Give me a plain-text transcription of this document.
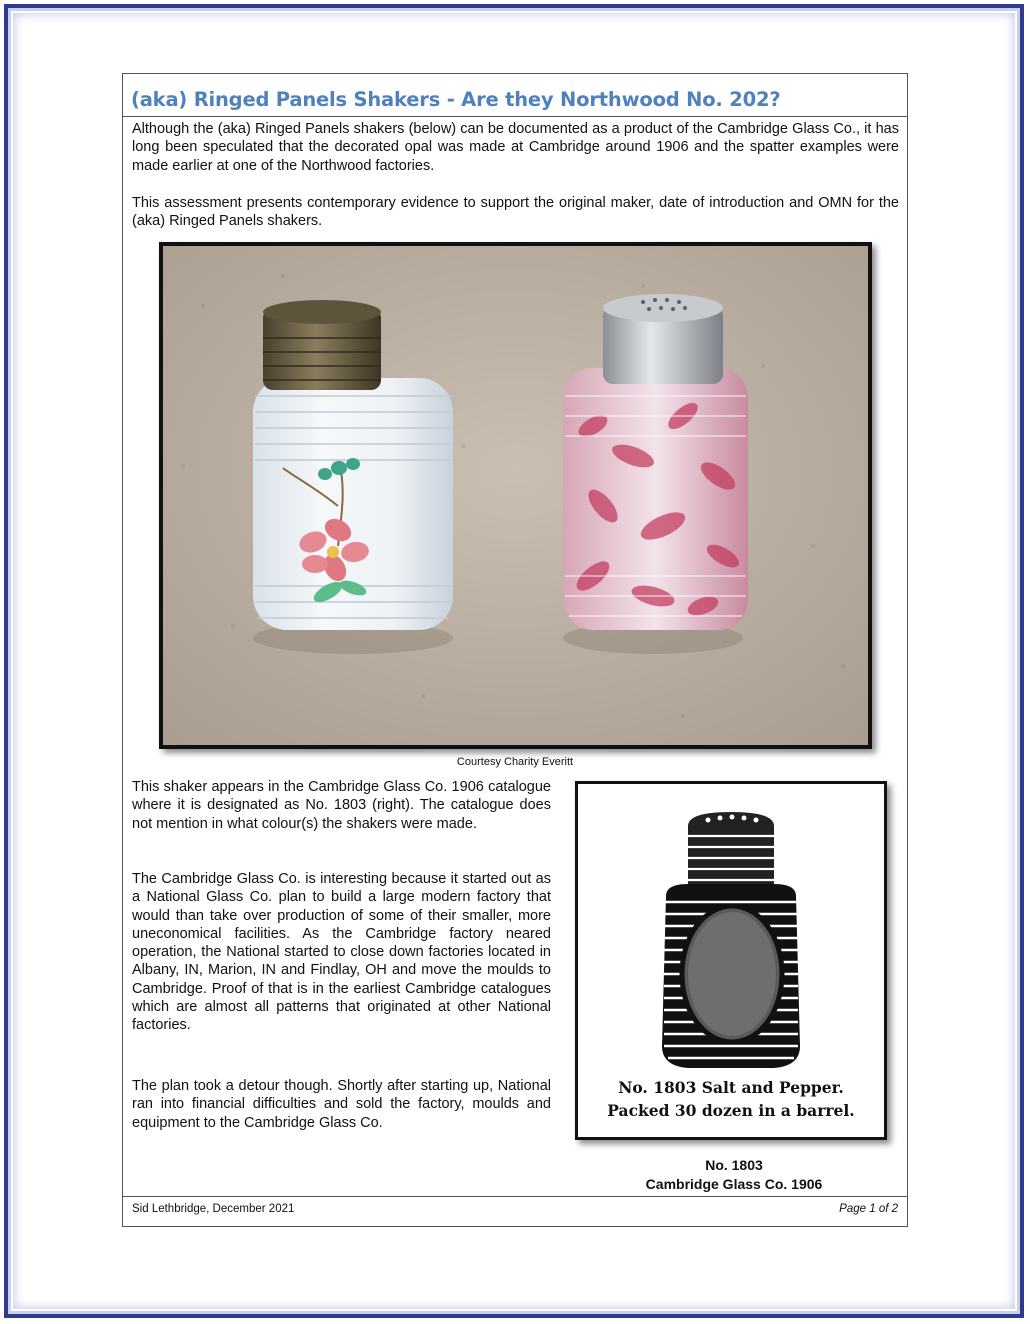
(aka) Ringed Panels Shakers - Are they Northwood No. 202?
Although the (aka) Ringed Panels shakers (below) can be documented as a product of the Cambridge Glass Co., it has long been speculated that the decorated opal was made at Cambridge around 1906 and the spatter examples were made earlier at one of the Northwood factories.
This assessment presents contemporary evidence to support the original maker, date of introduction and OMN for the (aka) Ringed Panels shakers.
Courtesy Charity Everitt
This shaker appears in the Cambridge Glass Co. 1906 catalogue where it is designated as No. 1803 (right). The catalogue does not mention in what colour(s) the shakers were made.
The Cambridge Glass Co. is interesting because it started out as a National Glass Co. plan to build a large modern factory that would than take over production of some of their smaller, more uneconomical facilities. As the Cambridge factory neared operation, the National started to close down factories located in Albany, IN, Marion, IN and Findlay, OH and move the moulds to Cambridge. Proof of that is in the earliest Cambridge catalogues which are almost all patterns that originated at other National factories.
The plan took a detour though. Shortly after starting up, National ran into financial difficulties and sold the factory, moulds and equipment to the Cambridge Glass Co.
No. 1803 Salt and Pepper.
Packed 30 dozen in a barrel.
No. 1803
Cambridge Glass Co. 1906
Sid Lethbridge, December 2021	Page 1 of 2
